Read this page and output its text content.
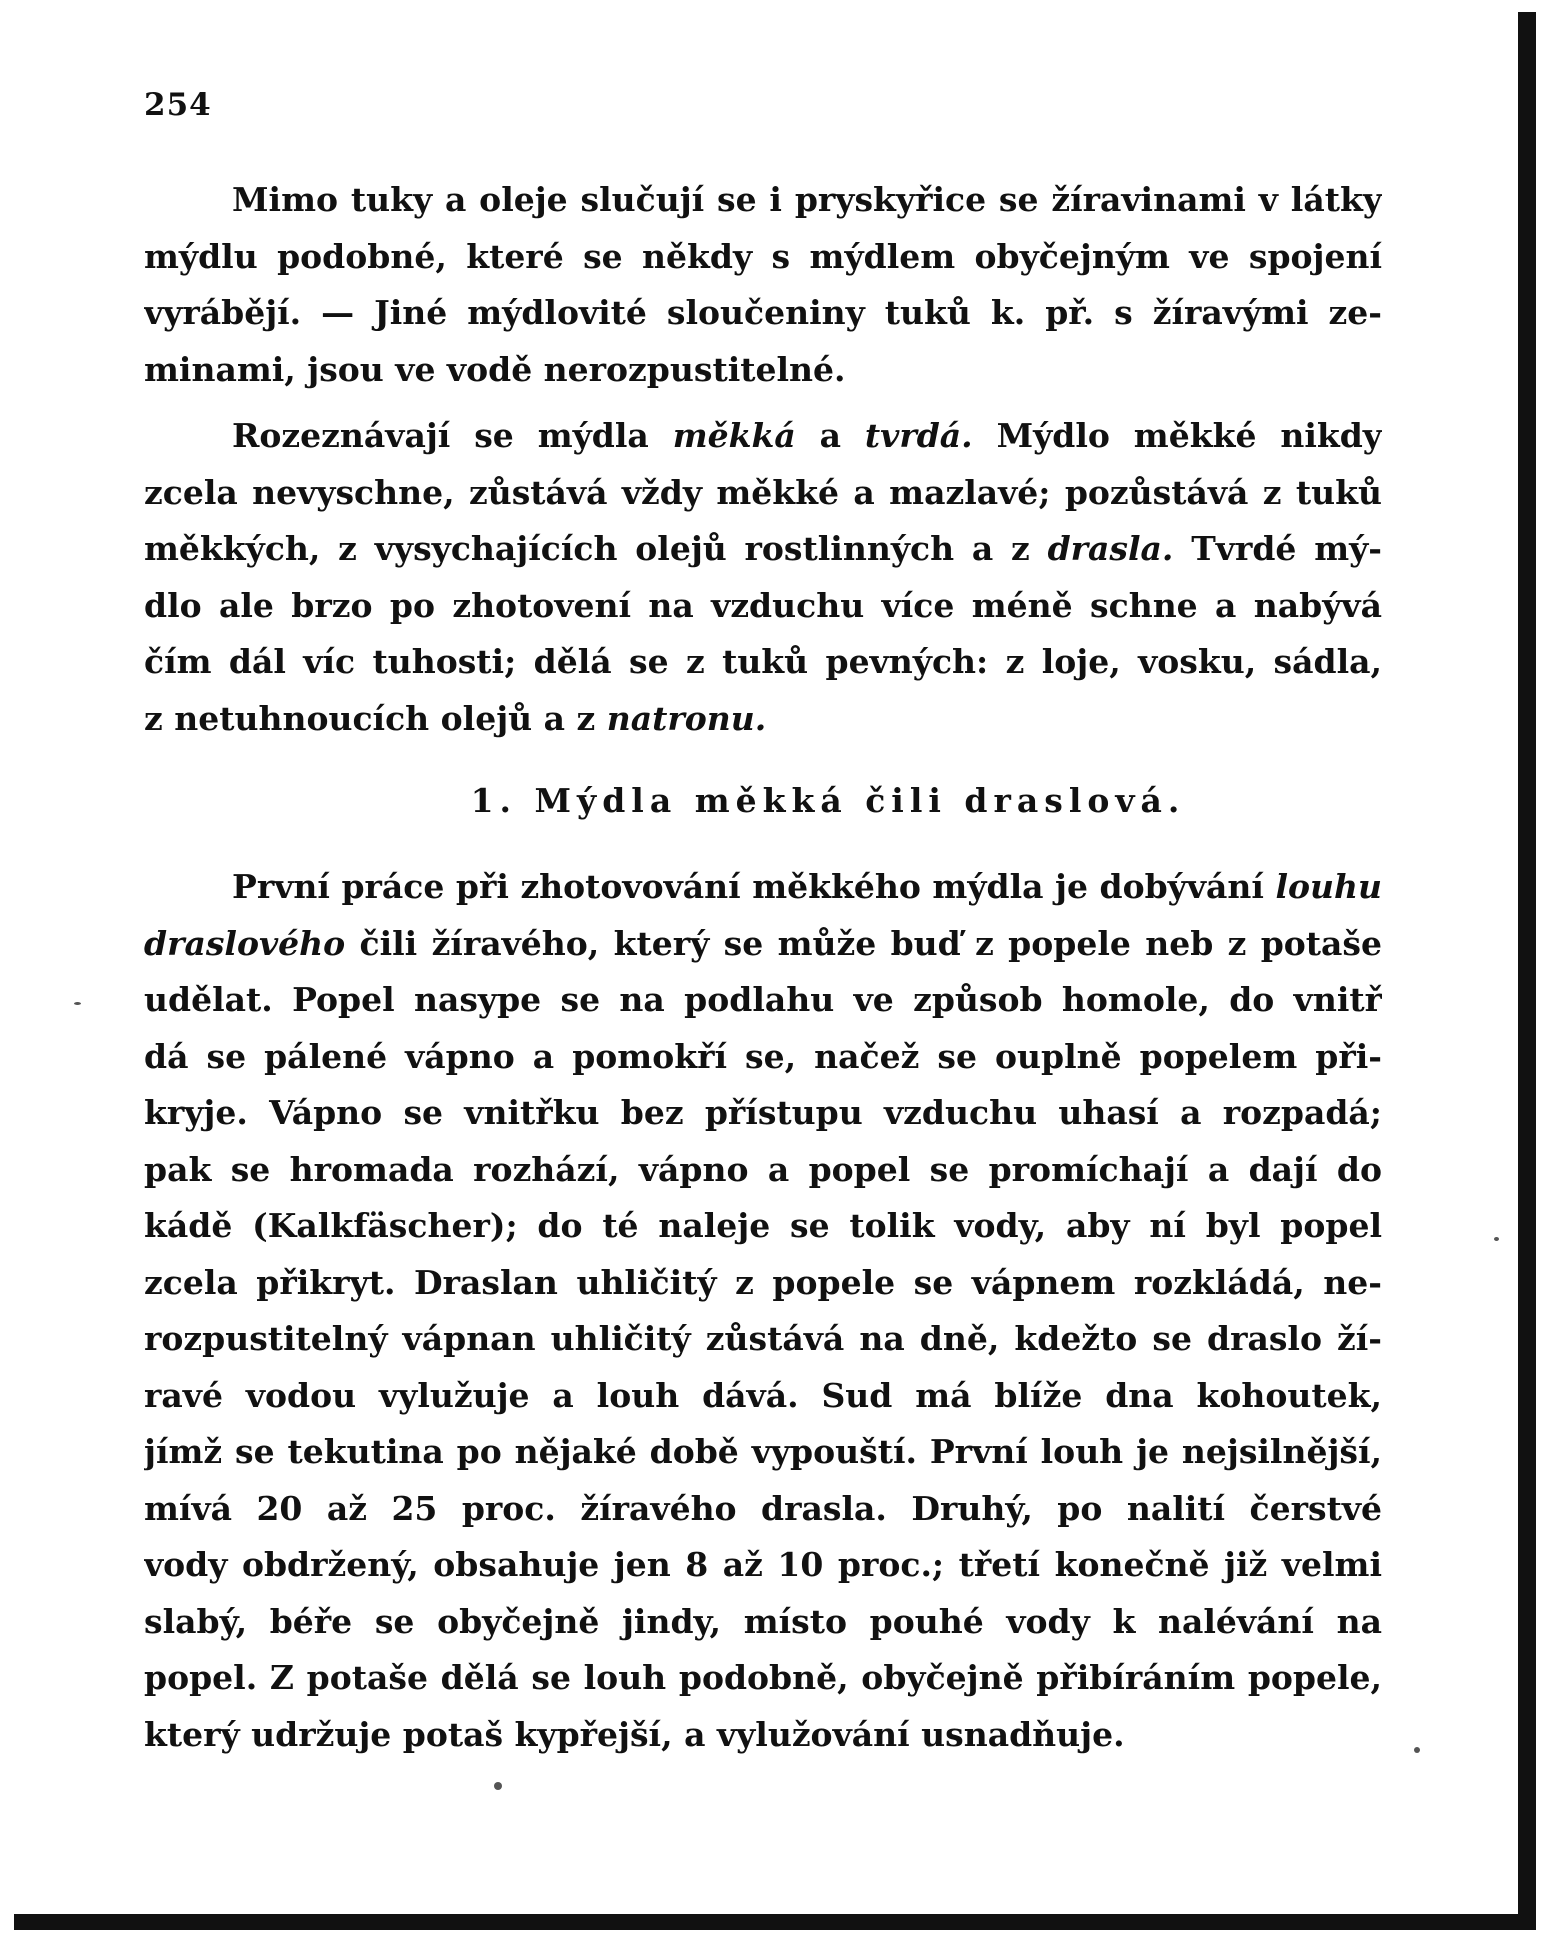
254
Mimo tuky a oleje slučují se i pryskyřice se žíravinami v látky
mýdlu podobné, které se někdy s mýdlem obyčejným ve spojení
vyrábějí. — Jiné mýdlovité sloučeniny tuků k. př. s žíravými ze-
minami, jsou ve vodě nerozpustitelné.
Rozeznávají se mýdla měkká a tvrdá. Mýdlo měkké nikdy
zcela nevyschne, zůstává vždy měkké a mazlavé; pozůstává z tuků
měkkých, z vysychajících olejů rostlinných a z drasla. Tvrdé mý-
dlo ale brzo po zhotovení na vzduchu více méně schne a nabývá
čím dál víc tuhosti; dělá se z tuků pevných: z loje, vosku, sádla,
z netuhnoucích olejů a z natronu.
1. Mýdla měkká čili draslová.
První práce při zhotovování měkkého mýdla je dobývání louhu
draslového čili žíravého, který se může buď z popele neb z potaše
udělat. Popel nasype se na podlahu ve způsob homole, do vnitř
dá se pálené vápno a pomokří se, načež se ouplně popelem při-
kryje. Vápno se vnitřku bez přístupu vzduchu uhasí a rozpadá;
pak se hromada rozhází, vápno a popel se promíchají a dají do
kádě (Kalkfäscher); do té naleje se tolik vody, aby ní byl popel
zcela přikryt. Draslan uhličitý z popele se vápnem rozkládá, ne-
rozpustitelný vápnan uhličitý zůstává na dně, kdežto se draslo ží-
ravé vodou vylužuje a louh dává. Sud má blíže dna kohoutek,
jímž se tekutina po nějaké době vypouští. První louh je nejsilnější,
mívá 20 až 25 proc. žíravého drasla. Druhý, po nalití čerstvé
vody obdržený, obsahuje jen 8 až 10 proc.; třetí konečně již velmi
slabý, béře se obyčejně jindy, místo pouhé vody k nalévání na
popel. Z potaše dělá se louh podobně, obyčejně přibíráním popele,
který udržuje potaš kypřejší, a vylužování usnadňuje.
